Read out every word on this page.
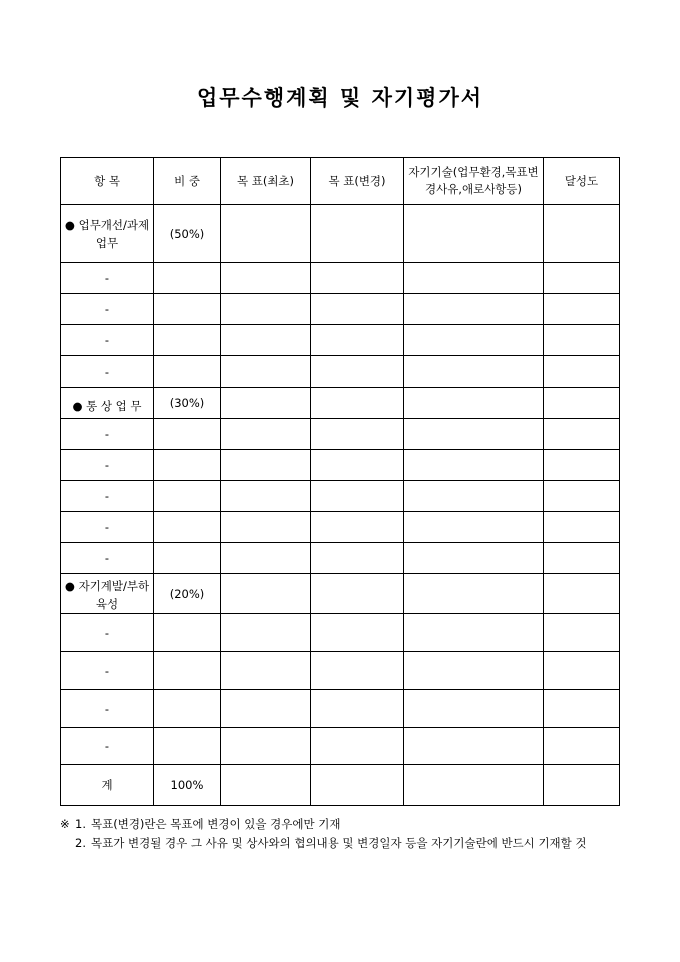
업무수행계획 및 자기평가서
항 목	비 중	목 표(최초)	목 표(변경)	자기기술(업무환경,목표변경사유,애로사항등)	달성도
● 업무개선/과제업무	(50%)				
-					
-					
-					
-					
● 통 상 업 무	(30%)				
-					
-					
-					
-					
-					
● 자기계발/부하육성	(20%)				
-					
-					
-					
-					
계	100%				
※ 1. 목표(변경)란은 목표에 변경이 있을 경우에만 기재
2. 목표가 변경될 경우 그 사유 및 상사와의 협의내용 및 변경일자 등을 자기기술란에 반드시 기재할 것
